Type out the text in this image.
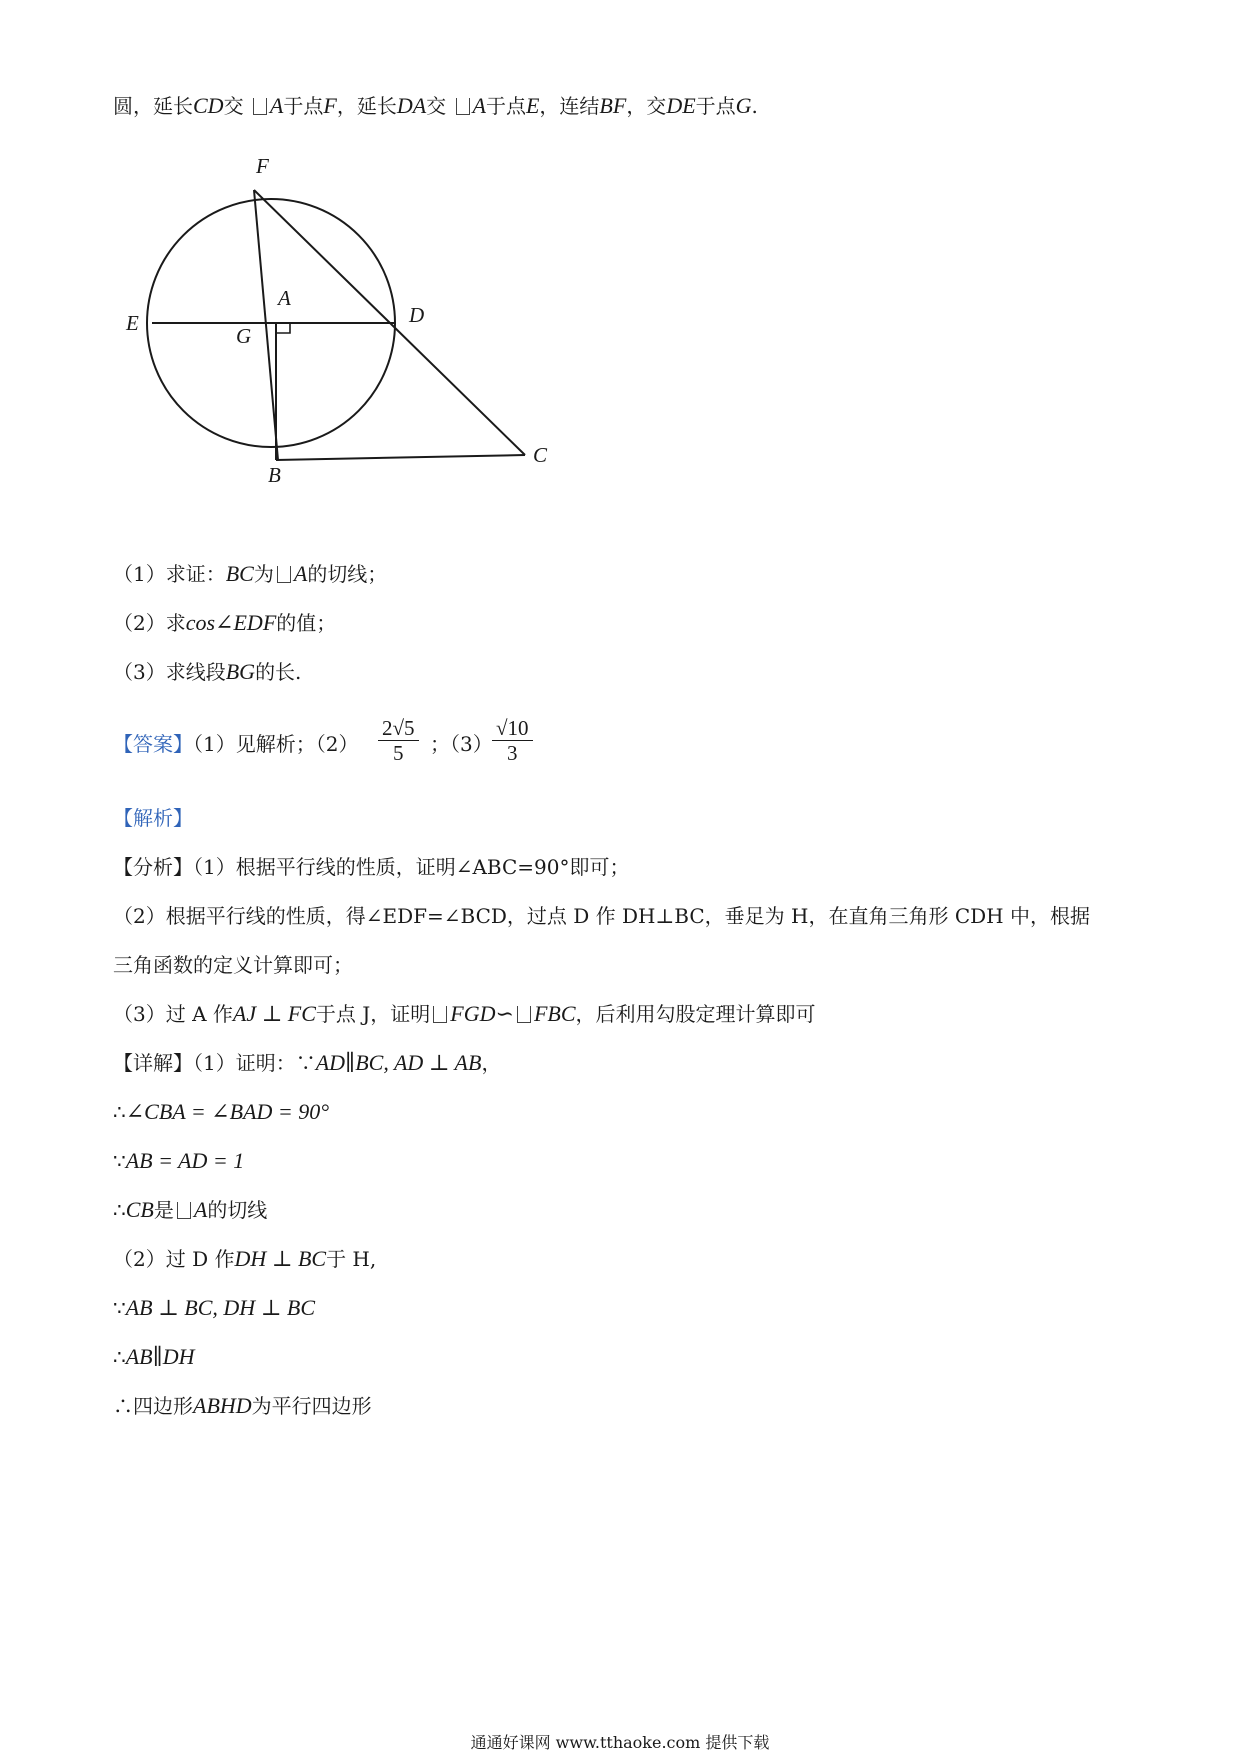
圆，延长CD交 A于点F，延长DA交 A于点E，连结BF，交DE于点G.
F
A
E
G
D
B
C
（1）求证：BC为 A的切线；
（2）求cos∠EDF的值；
（3）求线段BG的长.
【答案】（1）见解析；$(2) \frac{2√5}{5}$ ；$(3) \frac{√10}{3}$
【解析】
【分析】（1）根据平行线的性质，证明∠ABC=90°即可；
（2）根据平行线的性质，得∠EDF=∠BCD，过点 D 作 DH⊥BC，垂足为 H，在直角三角形 CDH 中，根据
三角函数的定义计算即可；
（3）过 A 作AJ ⊥ FC于点 J，证明 FGD∽ FBC，后利用勾股定理计算即可
【详解】（1）证明：∵AD∥BC, AD ⊥ AB，
∴∠CBA = ∠BAD = 90°
∵AB = AD = 1
∴CB是 A的切线
（2）过 D 作DH ⊥ BC于 H,
∵AB ⊥ BC, DH ⊥ BC
∴AB∥DH
∴四边形ABHD为平行四边形
通通好课网 www.tthaoke.com 提供下载
